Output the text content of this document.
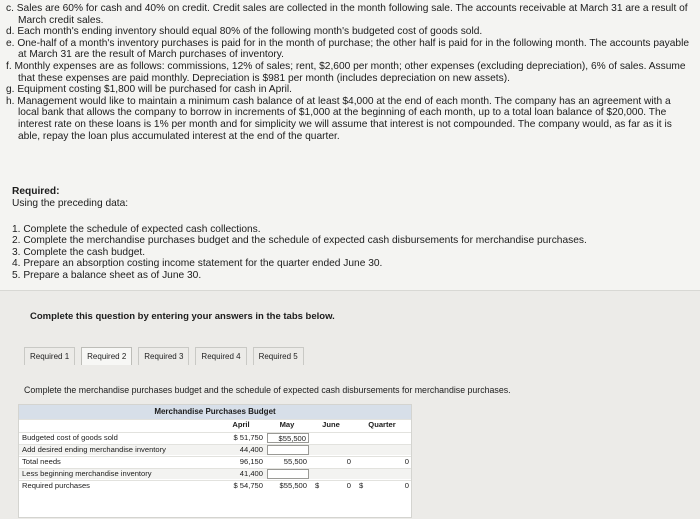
c. Sales are 60% for cash and 40% on credit. Credit sales are collected in the month following sale. The accounts receivable at March 31 are a result of March credit sales.

d. Each month's ending inventory should equal 80% of the following month's budgeted cost of goods sold.

e. One-half of a month's inventory purchases is paid for in the month of purchase; the other half is paid for in the following month. The accounts payable at March 31 are the result of March purchases of inventory.

f. Monthly expenses are as follows: commissions, 12% of sales; rent, $2,600 per month; other expenses (excluding depreciation), 6% of sales. Assume that these expenses are paid monthly. Depreciation is $981 per month (includes depreciation on new assets).

g. Equipment costing $1,800 will be purchased for cash in April.

h. Management would like to maintain a minimum cash balance of at least $4,000 at the end of each month. The company has an agreement with a local bank that allows the company to borrow in increments of $1,000 at the beginning of each month, up to a total loan balance of $20,000. The interest rate on these loans is 1% per month and for simplicity we will assume that interest is not compounded. The company would, as far as it is able, repay the loan plus accumulated interest at the end of the quarter.

Required:
Using the preceding data:

1. Complete the schedule of expected cash collections.

2. Complete the merchandise purchases budget and the schedule of expected cash disbursements for merchandise purchases.

3. Complete the cash budget.

4. Prepare an absorption costing income statement for the quarter ended June 30.

5. Prepare a balance sheet as of June 30.

Complete this question by entering your answers in the tabs below.
Required 1	Required 2	Required 3	Required 4	Required 5
Complete the merchandise purchases budget and the schedule of expected cash disbursements for merchandise purchases.
Merchandise Purchases Budget
April	May	June	Quarter
Budgeted cost of goods sold	$ 51,750	$55,500
Add desired ending merchandise inventory	44,400
Total needs	96,150	55,500	0	0
Less beginning merchandise inventory	41,400
Required purchases	$ 54,750	$55,500 $	0 $	0
